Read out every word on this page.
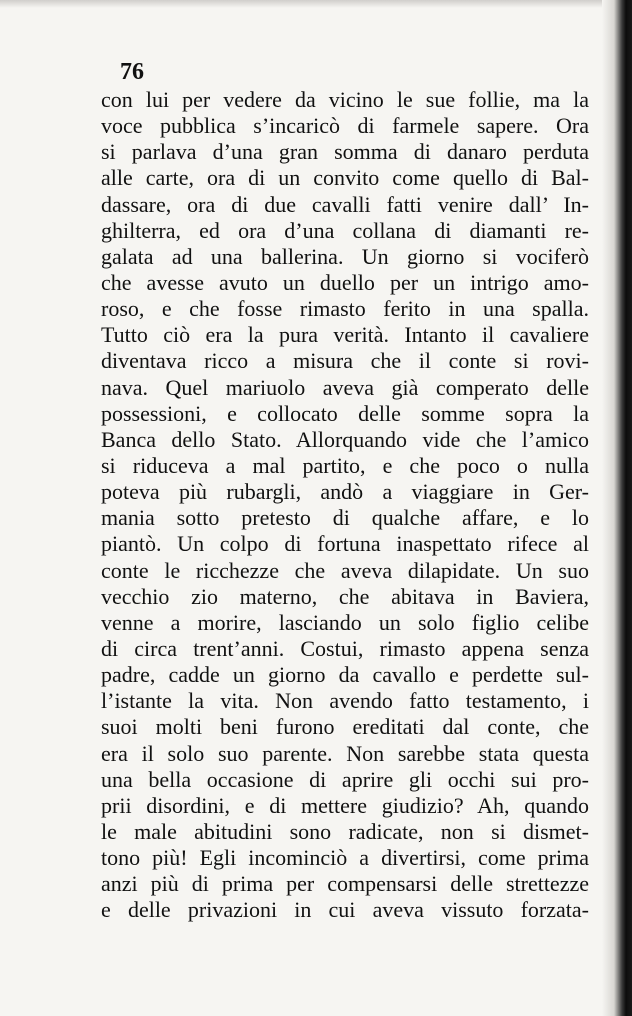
76
con lui per vedere da vicino le sue follie, ma la
voce pubblica s’incaricò di farmele sapere. Ora
si parlava d’una gran somma di danaro perduta
alle carte, ora di un convito come quello di Bal-
dassare, ora di due cavalli fatti venire dall’ In-
ghilterra, ed ora d’una collana di diamanti re-
galata ad una ballerina. Un giorno si vociferò
che avesse avuto un duello per un intrigo amo-
roso, e che fosse rimasto ferito in una spalla.
Tutto ciò era la pura verità. Intanto il cavaliere
diventava ricco a misura che il conte si rovi-
nava. Quel mariuolo aveva già comperato delle
possessioni, e collocato delle somme sopra la
Banca dello Stato. Allorquando vide che l’amico
si riduceva a mal partito, e che poco o nulla
poteva più rubargli, andò a viaggiare in Ger-
mania sotto pretesto di qualche affare, e lo
piantò. Un colpo di fortuna inaspettato rifece al
conte le ricchezze che aveva dilapidate. Un suo
vecchio zio materno, che abitava in Baviera,
venne a morire, lasciando un solo figlio celibe
di circa trent’anni. Costui, rimasto appena senza
padre, cadde un giorno da cavallo e perdette sul-
l’istante la vita. Non avendo fatto testamento, i
suoi molti beni furono ereditati dal conte, che
era il solo suo parente. Non sarebbe stata questa
una bella occasione di aprire gli occhi sui pro-
prii disordini, e di mettere giudizio? Ah, quando
le male abitudini sono radicate, non si dismet-
tono più! Egli incominciò a divertirsi, come prima
anzi più di prima per compensarsi delle strettezze
e delle privazioni in cui aveva vissuto forzata-
